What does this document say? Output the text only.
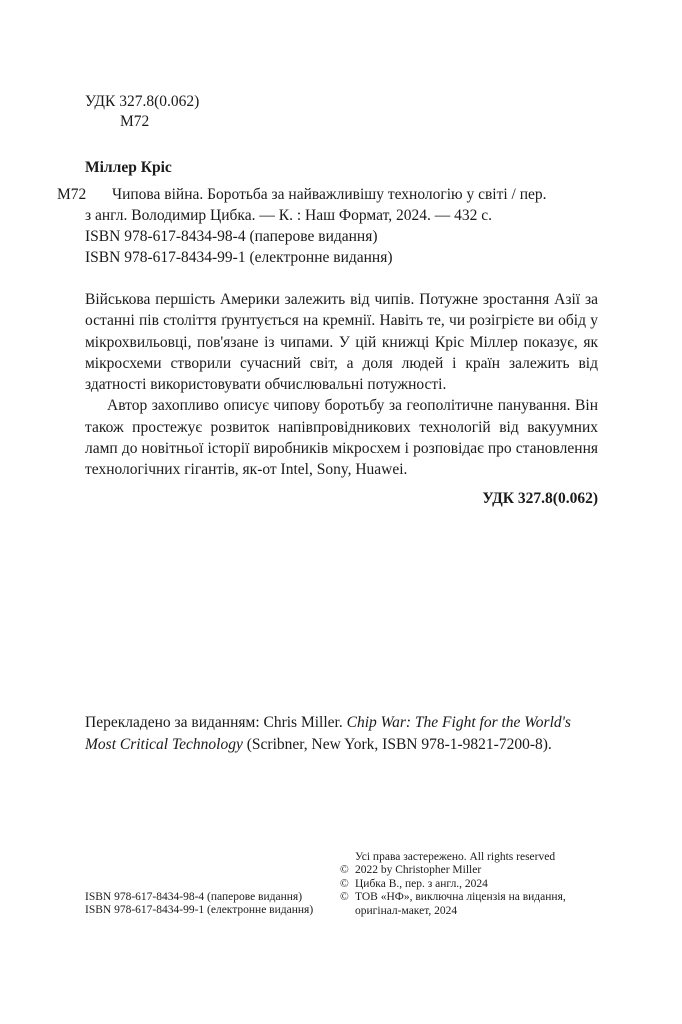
УДК 327.8(0.062)
М72
Міллер Кріс
М72 Чипова війна. Боротьба за найважливішу технологію у світі / пер.
з англ. Володимир Цибка. — К. : Наш Формат, 2024. — 432 с.
ISBN 978-617-8434-98-4 (паперове видання)
ISBN 978-617-8434-99-1 (електронне видання)

Військова першість Америки залежить від чипів. Потужне зростання Азії за останні пів століття ґрунтується на кремнії. Навіть те, чи розігрієте ви обід у мікрохвильовці, пов'язане із чипами. У цій книжці Кріс Міллер показує, як мікросхеми створили сучасний світ, а доля людей і країн залежить від здатності використовувати обчислювальні потужності.

Автор захопливо описує чипову боротьбу за геополітичне панування. Він також простежує розвиток напівпровідникових технологій від вакуумних ламп до новітньої історії виробників мікросхем і розповідає про становлення технологічних гігантів, як-от Intel, Sony, Huawei.

УДК 327.8(0.062)
Перекладено за виданням: Chris Miller. Chip War: The Fight for the World's Most Critical Technology (Scribner, New York, ISBN 978-1-9821-7200-8).
Усі права застережено. All rights reserved
© 2022 by Christopher Miller
© Цибка В., пер. з англ., 2024
© ТОВ «НФ», виключна ліцензія на видання,
оригінал-макет, 2024
ISBN 978-617-8434-98-4 (паперове видання)
ISBN 978-617-8434-99-1 (електронне видання)
